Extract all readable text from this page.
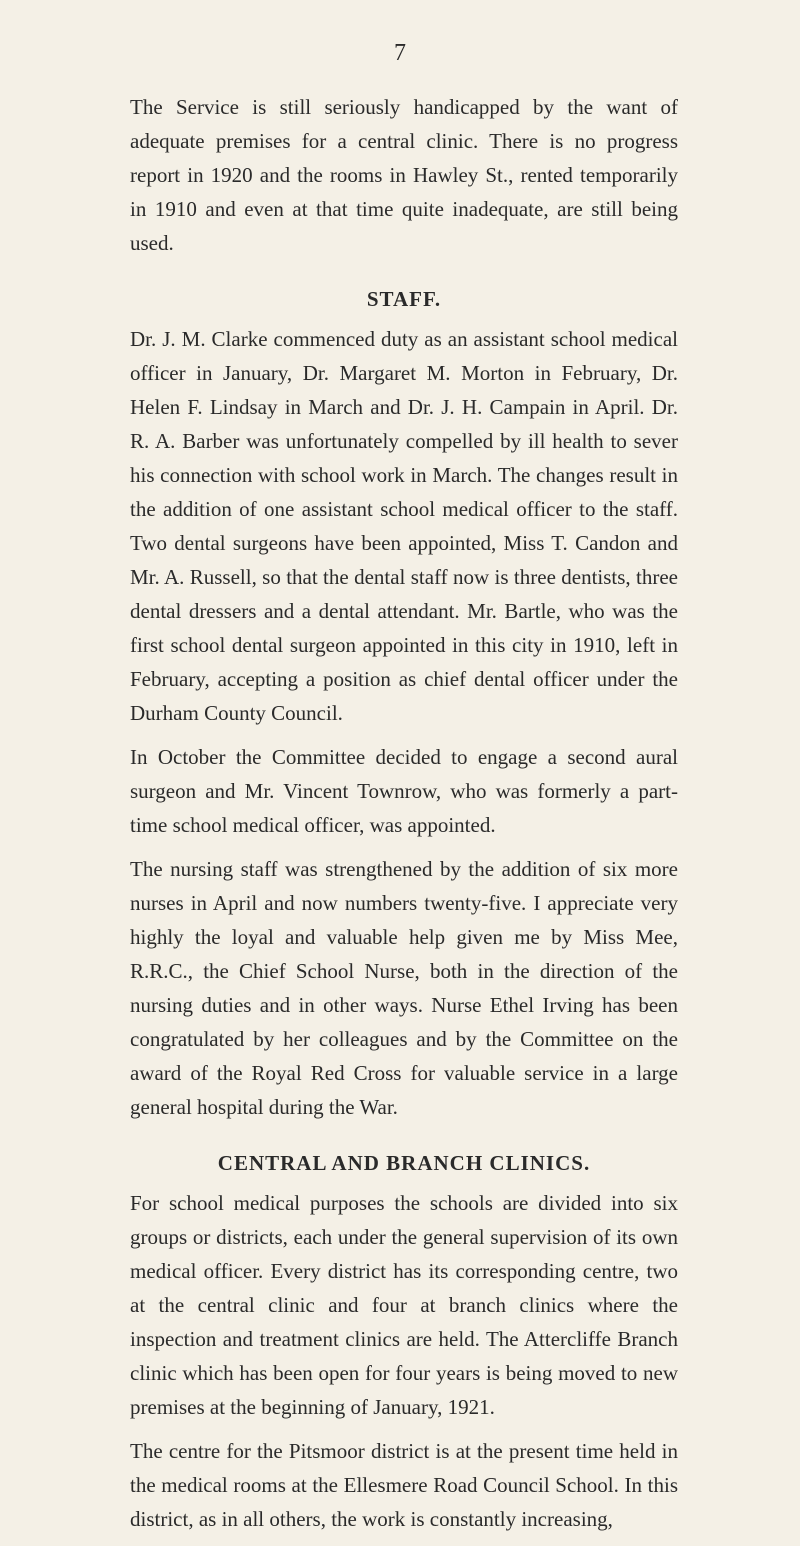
7

The Service is still seriously handicapped by the want of adequate premises for a central clinic. There is no progress report in 1920 and the rooms in Hawley St., rented temporarily in 1910 and even at that time quite inadequate, are still being used.

STAFF.

Dr. J. M. Clarke commenced duty as an assistant school medical officer in January, Dr. Margaret M. Morton in February, Dr. Helen F. Lindsay in March and Dr. J. H. Campain in April. Dr. R. A. Barber was unfortunately compelled by ill health to sever his connection with school work in March. The changes result in the addition of one assistant school medical officer to the staff. Two dental surgeons have been appointed, Miss T. Candon and Mr. A. Russell, so that the dental staff now is three dentists, three dental dressers and a dental attendant. Mr. Bartle, who was the first school dental surgeon appointed in this city in 1910, left in February, accepting a position as chief dental officer under the Durham County Council.

In October the Committee decided to engage a second aural surgeon and Mr. Vincent Townrow, who was formerly a part-time school medical officer, was appointed.

The nursing staff was strengthened by the addition of six more nurses in April and now numbers twenty-five. I appreciate very highly the loyal and valuable help given me by Miss Mee, R.R.C., the Chief School Nurse, both in the direction of the nursing duties and in other ways. Nurse Ethel Irving has been congratulated by her colleagues and by the Committee on the award of the Royal Red Cross for valuable service in a large general hospital during the War.

CENTRAL AND BRANCH CLINICS.

For school medical purposes the schools are divided into six groups or districts, each under the general supervision of its own medical officer. Every district has its corresponding centre, two at the central clinic and four at branch clinics where the inspection and treatment clinics are held. The Attercliffe Branch clinic which has been open for four years is being moved to new premises at the beginning of January, 1921.

The centre for the Pitsmoor district is at the present time held in the medical rooms at the Ellesmere Road Council School. In this district, as in all others, the work is constantly increasing,
